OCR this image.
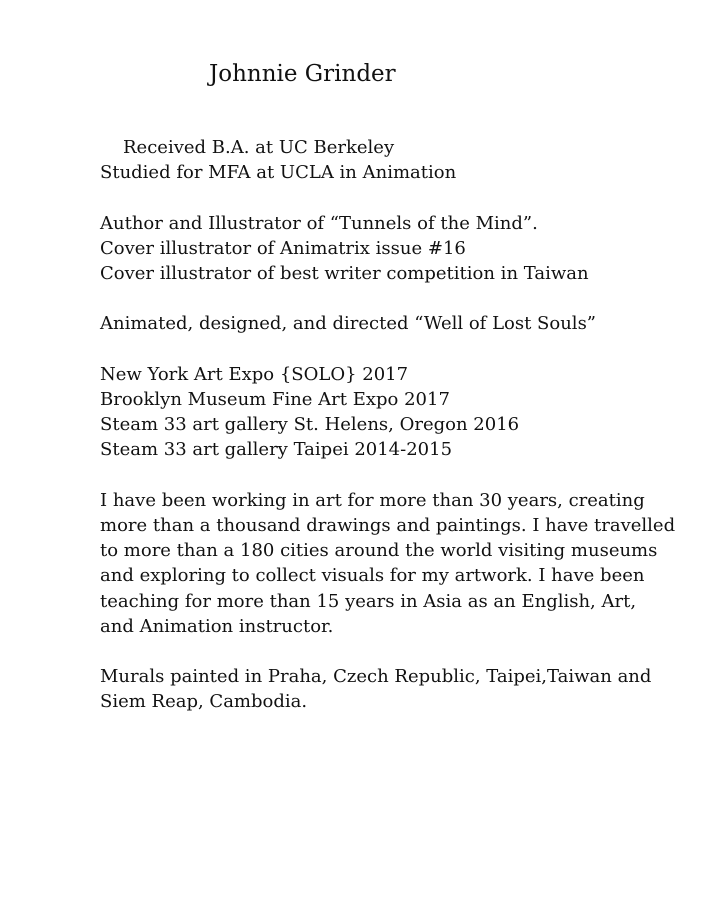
Johnnie Grinder
Received B.A. at UC Berkeley
Studied for MFA at UCLA in Animation
Author and Illustrator of “Tunnels of the Mind”.
Cover illustrator of Animatrix issue #16
Cover illustrator of best writer competition in Taiwan
Animated, designed, and directed “Well of Lost Souls”
New York Art Expo {SOLO} 2017
Brooklyn Museum Fine Art Expo 2017
Steam 33 art gallery St. Helens, Oregon 2016
Steam 33 art gallery Taipei 2014-2015
I have been working in art for more than 30 years, creating
more than a thousand drawings and paintings. I have travelled
to more than a 180 cities around the world visiting museums
and exploring to collect visuals for my artwork. I have been
teaching for more than 15 years in Asia as an English, Art,
and Animation instructor.
Murals painted in Praha, Czech Republic, Taipei,Taiwan and
Siem Reap, Cambodia.
